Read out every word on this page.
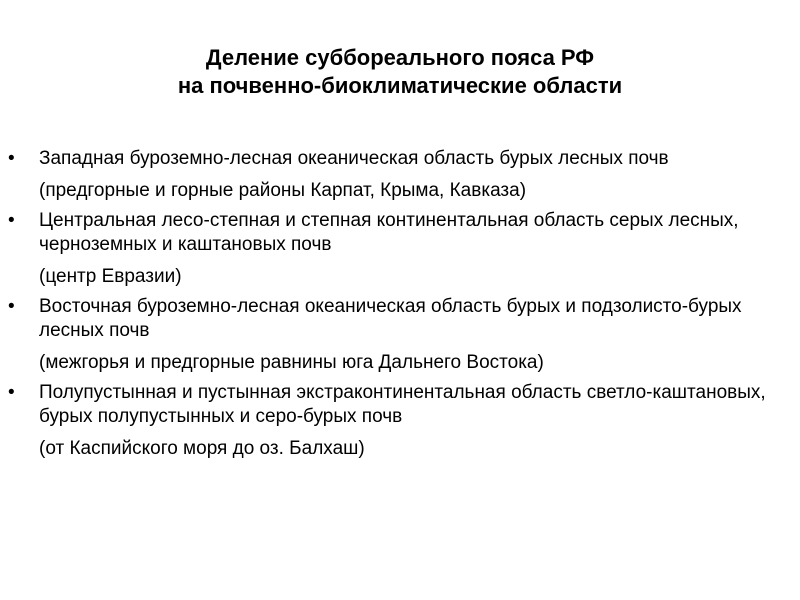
Деление суббореального пояса РФ
на почвенно-биоклиматические области
• Западная буроземно-лесная океаническая область бурых лесных почв
(предгорные и горные районы Карпат, Крыма, Кавказа)
• Центральная лесо-степная и степная континентальная область серых лесных, черноземных и каштановых почв
(центр Евразии)
• Восточная буроземно-лесная океаническая область бурых и подзолисто-бурых лесных почв
(межгорья и предгорные равнины юга Дальнего Востока)
• Полупустынная и пустынная экстраконтинентальная область светло-каштановых, бурых полупустынных и серо-бурых почв
(от Каспийского моря до оз. Балхаш)
